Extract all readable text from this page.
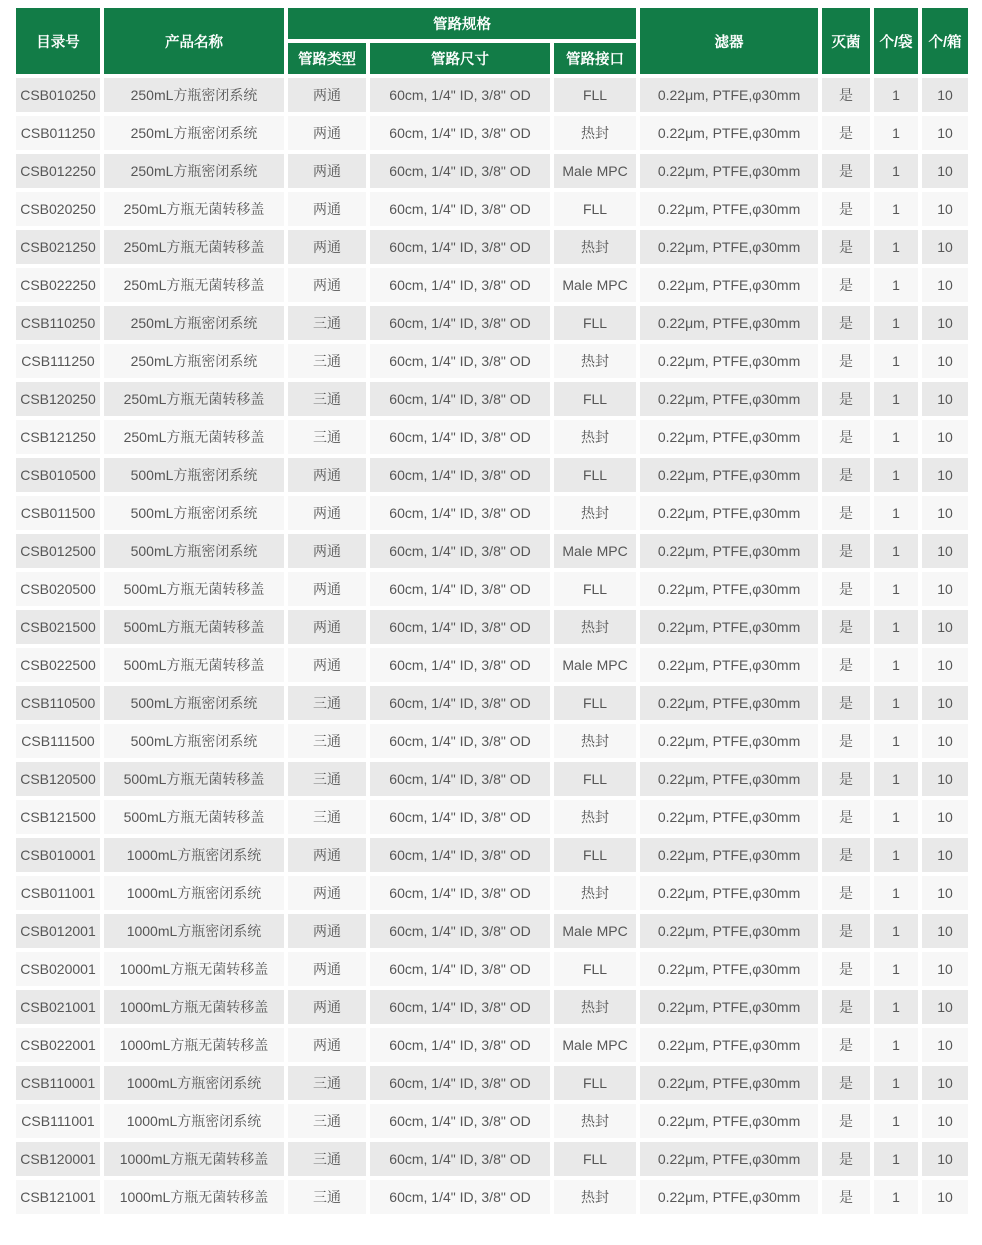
目录号	产品名称	管路规格			滤器	灭菌	个/袋	个/箱
		管路类型	管路尺寸	管路接口				
CSB010250	250mL方瓶密闭系统	两通	60cm, 1/4" ID, 3/8" OD	FLL	0.22μm, PTFE,φ30mm	是	1	10
CSB011250	250mL方瓶密闭系统	两通	60cm, 1/4" ID, 3/8" OD	热封	0.22μm, PTFE,φ30mm	是	1	10
CSB012250	250mL方瓶密闭系统	两通	60cm, 1/4" ID, 3/8" OD	Male MPC	0.22μm, PTFE,φ30mm	是	1	10
CSB020250	250mL方瓶无菌转移盖	两通	60cm, 1/4" ID, 3/8" OD	FLL	0.22μm, PTFE,φ30mm	是	1	10
CSB021250	250mL方瓶无菌转移盖	两通	60cm, 1/4" ID, 3/8" OD	热封	0.22μm, PTFE,φ30mm	是	1	10
CSB022250	250mL方瓶无菌转移盖	两通	60cm, 1/4" ID, 3/8" OD	Male MPC	0.22μm, PTFE,φ30mm	是	1	10
CSB110250	250mL方瓶密闭系统	三通	60cm, 1/4" ID, 3/8" OD	FLL	0.22μm, PTFE,φ30mm	是	1	10
CSB111250	250mL方瓶密闭系统	三通	60cm, 1/4" ID, 3/8" OD	热封	0.22μm, PTFE,φ30mm	是	1	10
CSB120250	250mL方瓶无菌转移盖	三通	60cm, 1/4" ID, 3/8" OD	FLL	0.22μm, PTFE,φ30mm	是	1	10
CSB121250	250mL方瓶无菌转移盖	三通	60cm, 1/4" ID, 3/8" OD	热封	0.22μm, PTFE,φ30mm	是	1	10
CSB010500	500mL方瓶密闭系统	两通	60cm, 1/4" ID, 3/8" OD	FLL	0.22μm, PTFE,φ30mm	是	1	10
CSB011500	500mL方瓶密闭系统	两通	60cm, 1/4" ID, 3/8" OD	热封	0.22μm, PTFE,φ30mm	是	1	10
CSB012500	500mL方瓶密闭系统	两通	60cm, 1/4" ID, 3/8" OD	Male MPC	0.22μm, PTFE,φ30mm	是	1	10
CSB020500	500mL方瓶无菌转移盖	两通	60cm, 1/4" ID, 3/8" OD	FLL	0.22μm, PTFE,φ30mm	是	1	10
CSB021500	500mL方瓶无菌转移盖	两通	60cm, 1/4" ID, 3/8" OD	热封	0.22μm, PTFE,φ30mm	是	1	10
CSB022500	500mL方瓶无菌转移盖	两通	60cm, 1/4" ID, 3/8" OD	Male MPC	0.22μm, PTFE,φ30mm	是	1	10
CSB110500	500mL方瓶密闭系统	三通	60cm, 1/4" ID, 3/8" OD	FLL	0.22μm, PTFE,φ30mm	是	1	10
CSB111500	500mL方瓶密闭系统	三通	60cm, 1/4" ID, 3/8" OD	热封	0.22μm, PTFE,φ30mm	是	1	10
CSB120500	500mL方瓶无菌转移盖	三通	60cm, 1/4" ID, 3/8" OD	FLL	0.22μm, PTFE,φ30mm	是	1	10
CSB121500	500mL方瓶无菌转移盖	三通	60cm, 1/4" ID, 3/8" OD	热封	0.22μm, PTFE,φ30mm	是	1	10
CSB010001	1000mL方瓶密闭系统	两通	60cm, 1/4" ID, 3/8" OD	FLL	0.22μm, PTFE,φ30mm	是	1	10
CSB011001	1000mL方瓶密闭系统	两通	60cm, 1/4" ID, 3/8" OD	热封	0.22μm, PTFE,φ30mm	是	1	10
CSB012001	1000mL方瓶密闭系统	两通	60cm, 1/4" ID, 3/8" OD	Male MPC	0.22μm, PTFE,φ30mm	是	1	10
CSB020001	1000mL方瓶无菌转移盖	两通	60cm, 1/4" ID, 3/8" OD	FLL	0.22μm, PTFE,φ30mm	是	1	10
CSB021001	1000mL方瓶无菌转移盖	两通	60cm, 1/4" ID, 3/8" OD	热封	0.22μm, PTFE,φ30mm	是	1	10
CSB022001	1000mL方瓶无菌转移盖	两通	60cm, 1/4" ID, 3/8" OD	Male MPC	0.22μm, PTFE,φ30mm	是	1	10
CSB110001	1000mL方瓶密闭系统	三通	60cm, 1/4" ID, 3/8" OD	FLL	0.22μm, PTFE,φ30mm	是	1	10
CSB111001	1000mL方瓶密闭系统	三通	60cm, 1/4" ID, 3/8" OD	热封	0.22μm, PTFE,φ30mm	是	1	10
CSB120001	1000mL方瓶无菌转移盖	三通	60cm, 1/4" ID, 3/8" OD	FLL	0.22μm, PTFE,φ30mm	是	1	10
CSB121001	1000mL方瓶无菌转移盖	三通	60cm, 1/4" ID, 3/8" OD	热封	0.22μm, PTFE,φ30mm	是	1	10
